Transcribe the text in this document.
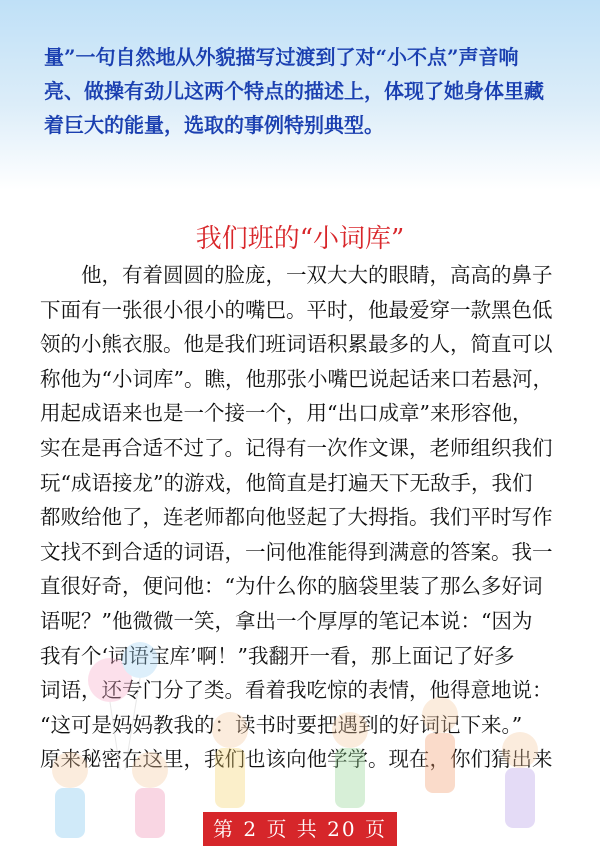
量”一句自然地从外貌描写过渡到了对“小不点”声音响
亮、做操有劲儿这两个特点的描述上，体现了她身体里藏
着巨大的能量，选取的事例特别典型。
我们班的“小词库”
　　他，有着圆圆的脸庞，一双大大的眼睛，高高的鼻子
下面有一张很小很小的嘴巴。平时，他最爱穿一款黑色低
领的小熊衣服。他是我们班词语积累最多的人，简直可以
称他为“小词库”。瞧，他那张小嘴巴说起话来口若悬河，
用起成语来也是一个接一个，用“出口成章”来形容他，
实在是再合适不过了。记得有一次作文课，老师组织我们
玩“成语接龙”的游戏，他简直是打遍天下无敌手，我们
都败给他了，连老师都向他竖起了大拇指。我们平时写作
文找不到合适的词语，一问他准能得到满意的答案。我一
直很好奇，便问他：“为什么你的脑袋里装了那么多好词
语呢？”他微微一笑，拿出一个厚厚的笔记本说：“因为
我有个‘词语宝库’啊！”我翻开一看，那上面记了好多
词语，还专门分了类。看着我吃惊的表情，他得意地说：
“这可是妈妈教我的：读书时要把遇到的好词记下来。”
原来秘密在这里，我们也该向他学学。现在，你们猜出来
第 2 页 共 20 页
